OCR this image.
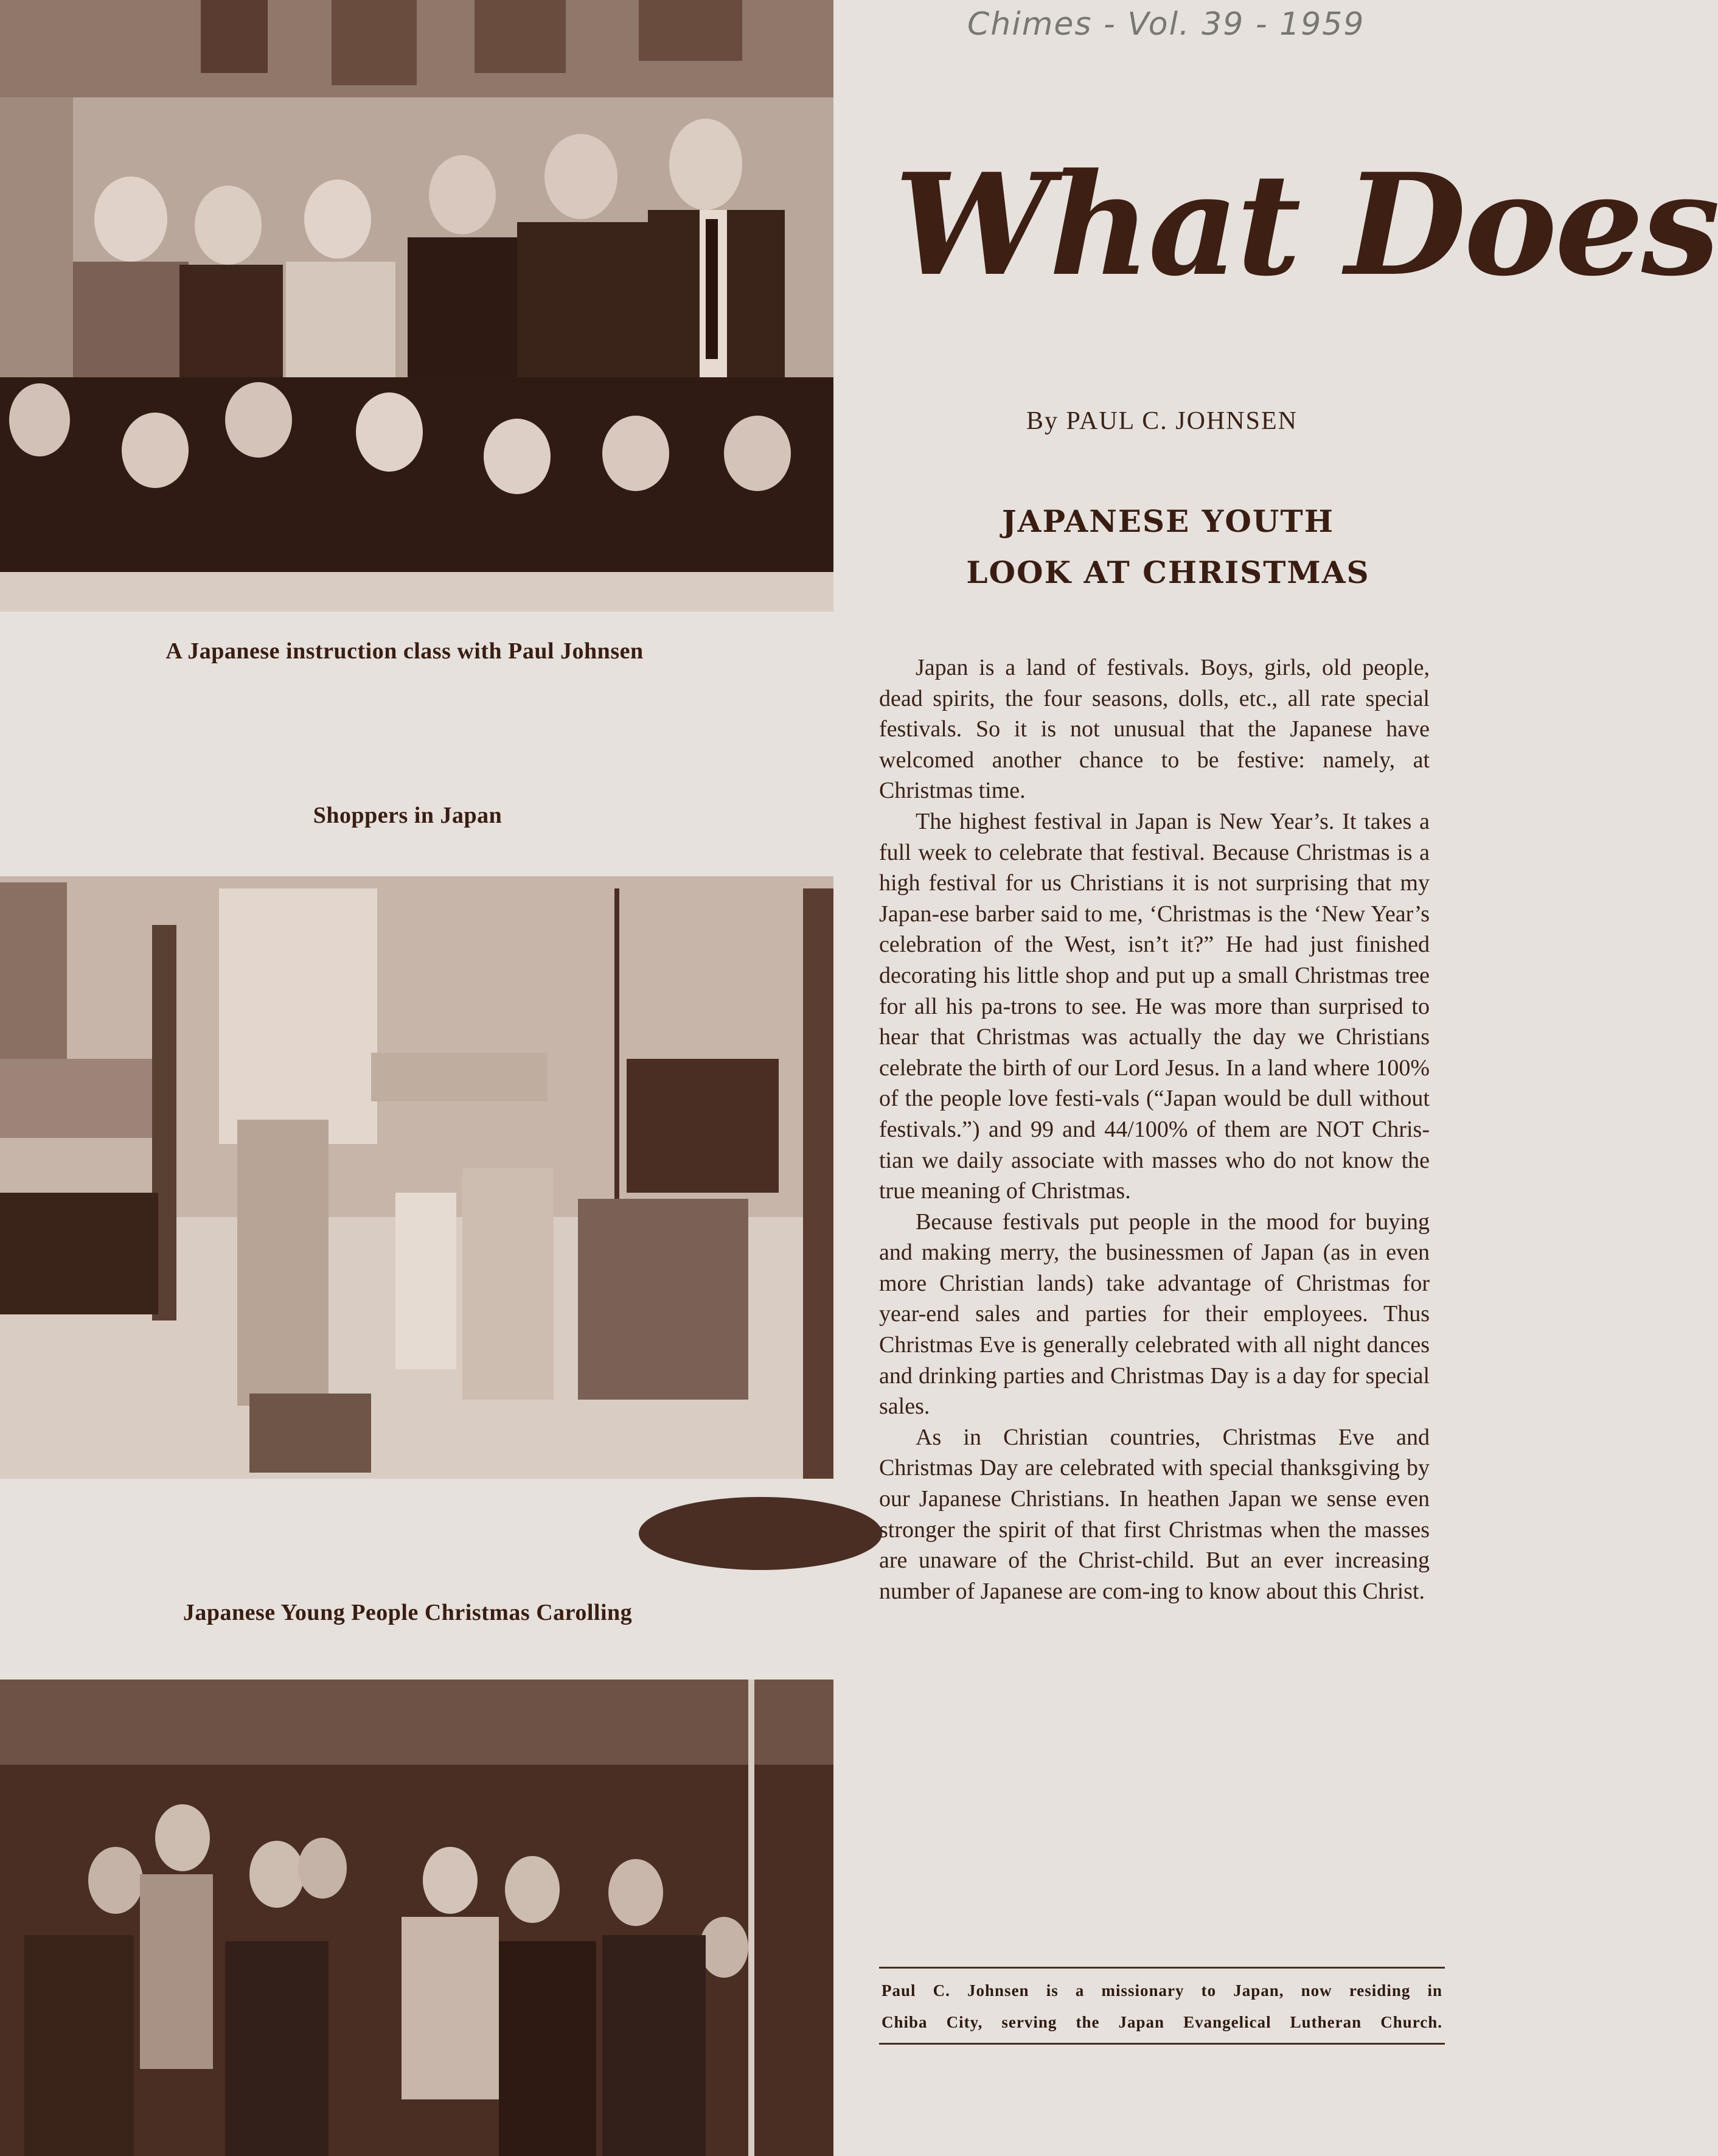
A Japanese instruction class with Paul Johnsen
Shoppers in Japan
Japanese Young People Christmas Carolling
Chimes - Vol. 39 - 1959
What Does
By PAUL C. JOHNSEN
JAPANESE YOUTH
LOOK AT CHRISTMAS

Japan is a land of festivals. Boys, girls, old people, dead spirits, the four seasons, dolls, etc., all rate special festivals. So it is not unusual that the Japanese have welcomed another chance to be festive: namely, at Christmas time.

The highest festival in Japan is New Year’s. It takes a full week to celebrate that festival. Because Christmas is a high festival for us Christians it is not surprising that my Japan-ese barber said to me, ‘Christmas is the ‘New Year’s celebration of the West, isn’t it?” He had just finished decorating his little shop and put up a small Christmas tree for all his pa-trons to see. He was more than surprised to hear that Christmas was actually the day we Christians celebrate the birth of our Lord Jesus. In a land where 100% of the people love festi-vals (“Japan would be dull without festivals.”) and 99 and 44/100% of them are NOT Chris-tian we daily associate with masses who do not know the true meaning of Christmas.

Because festivals put people in the mood for buying and making merry, the businessmen of Japan (as in even more Christian lands) take advantage of Christmas for year-end sales and parties for their employees. Thus Christmas Eve is generally celebrated with all night dances and drinking parties and Christmas Day is a day for special sales.

As in Christian countries, Christmas Eve and Christmas Day are celebrated with special thanksgiving by our Japanese Christians. In heathen Japan we sense even stronger the spirit of that first Christmas when the masses are unaware of the Christ-child. But an ever increasing number of Japanese are com-ing to know about this Christ.

Paul C. Johnsen is a missionary to Japan, now residing in
Chiba City, serving the Japan Evangelical Lutheran Church.
